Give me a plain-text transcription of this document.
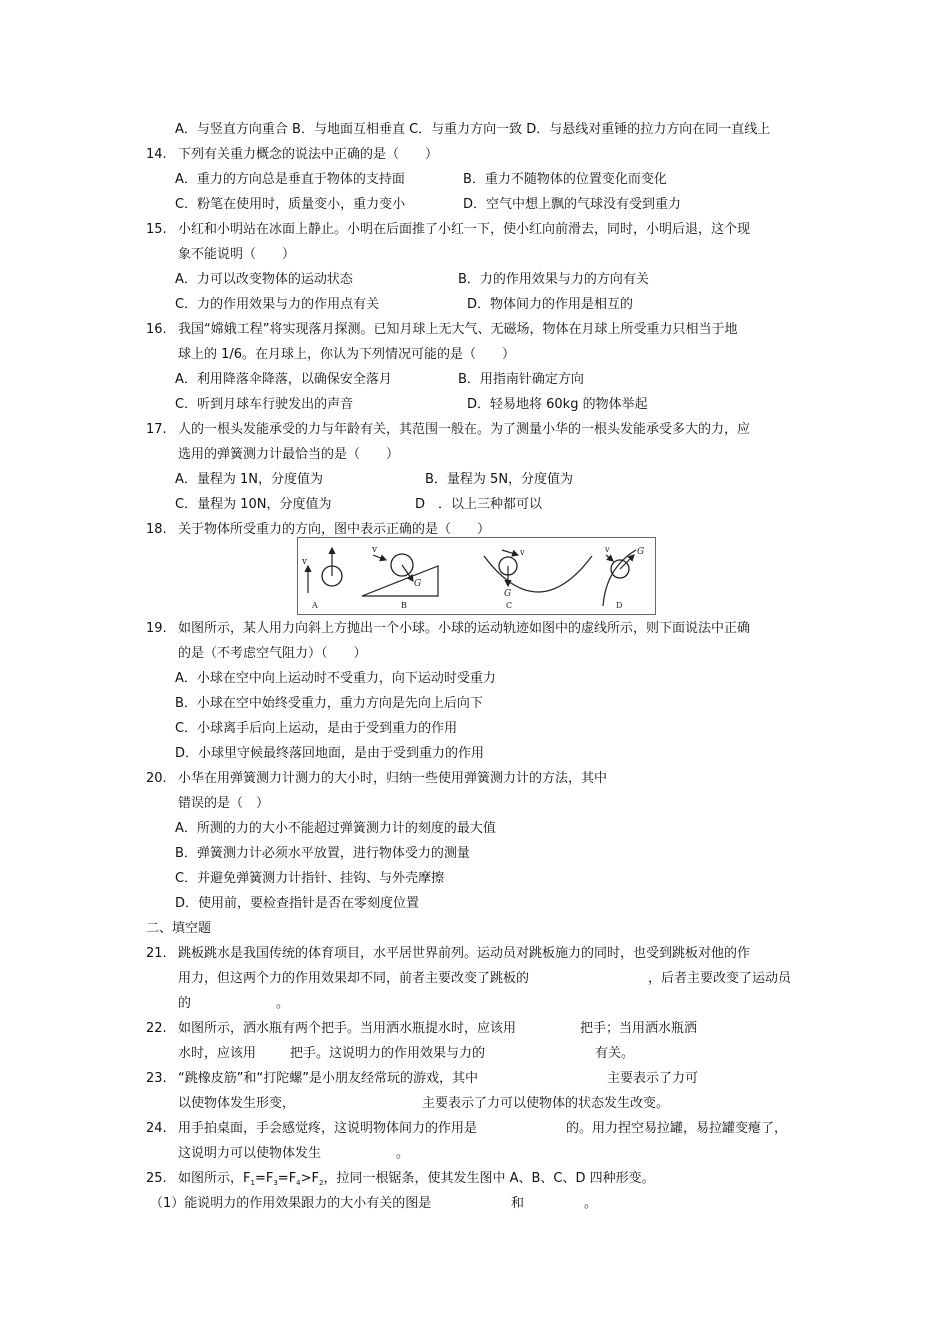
A．与竖直方向重合 B．与地面互相垂直 C．与重力方向一致 D．与悬线对重锤的拉力方向在同一直线上
14. 下列有关重力概念的说法中正确的是（　　）
A．重力的方向总是垂直于物体的支持面	B．重力不随物体的位置变化而变化
C．粉笔在使用时，质量变小，重力变小	D．空气中想上飘的气球没有受到重力
15. 小红和小明站在冰面上静止。小明在后面推了小红一下，使小红向前滑去，同时，小明后退，这个现
象不能说明（　　）
A．力可以改变物体的运动状态	B．力的作用效果与力的方向有关
C．力的作用效果与力的作用点有关	D．物体间力的作用是相互的
16. 我国“嫦娥工程”将实现落月探测。已知月球上无大气、无磁场，物体在月球上所受重力只相当于地
球上的 1/6。在月球上，你认为下列情况可能的是（　　）
A．利用降落伞降落，以确保安全落月	B．用指南针确定方向
C．听到月球车行驶发出的声音	D．轻易地将 60kg 的物体举起
17. 人的一根头发能承受的力与年龄有关，其范围一般在。为了测量小华的一根头发能承受多大的力，应
选用的弹簧测力计最恰当的是（　　）
A．量程为 1N，分度值为	B．量程为 5N，分度值为
C．量程为 10N，分度值为	D　．以上三种都可以
18. 关于物体所受重力的方向，图中表示正确的是（　　）
v
A
v
G
B
v
G
C
v	G
D
19. 如图所示，某人用力向斜上方抛出一个小球。小球的运动轨迹如图中的虚线所示，则下面说法中正确
的是（不考虑空气阻力）（　　）
A．小球在空中向上运动时不受重力，向下运动时受重力
B．小球在空中始终受重力，重力方向是先向上后向下
C．小球离手后向上运动，是由于受到重力的作用
D．小球里守候最终落回地面，是由于受到重力的作用
20. 小华在用弹簧测力计测力的大小时，归纳一些使用弹簧测力计的方法，其中
错误的是（　）
A．所测的力的大小不能超过弹簧测力计的刻度的最大值
B．弹簧测力计必须水平放置，进行物体受力的测量
C．并避免弹簧测力计指针、挂钩、与外壳摩擦
D．使用前，要检查指针是否在零刻度位置
二、填空题
21. 跳板跳水是我国传统的体育项目，水平居世界前列。运动员对跳板施力的同时，也受到跳板对他的作
用力，但这两个力的作用效果却不同，前者主要改变了跳板的	，后者主要改变了运动员
的	。
22. 如图所示，洒水瓶有两个把手。当用洒水瓶提水时，应该用	把手；当用洒水瓶洒
水时，应该用	把手。这说明力的作用效果与力的	有关。
23. “跳橡皮筋”和“打陀螺”是小朋友经常玩的游戏，其中	主要表示了力可
以使物体发生形变，	主要表示了力可以使物体的状态发生改变。
24. 用手拍桌面，手会感觉疼，这说明物体间力的作用是	的。用力捏空易拉罐，易拉罐变瘪了，
这说明力可以使物体发生	。
25. 如图所示，$F_1=F_3=F_4>F_2$，拉同一根锯条，使其发生图中 A、B、C、D 四种形变。
（1）能说明力的作用效果跟力的大小有关的图是	和	。
